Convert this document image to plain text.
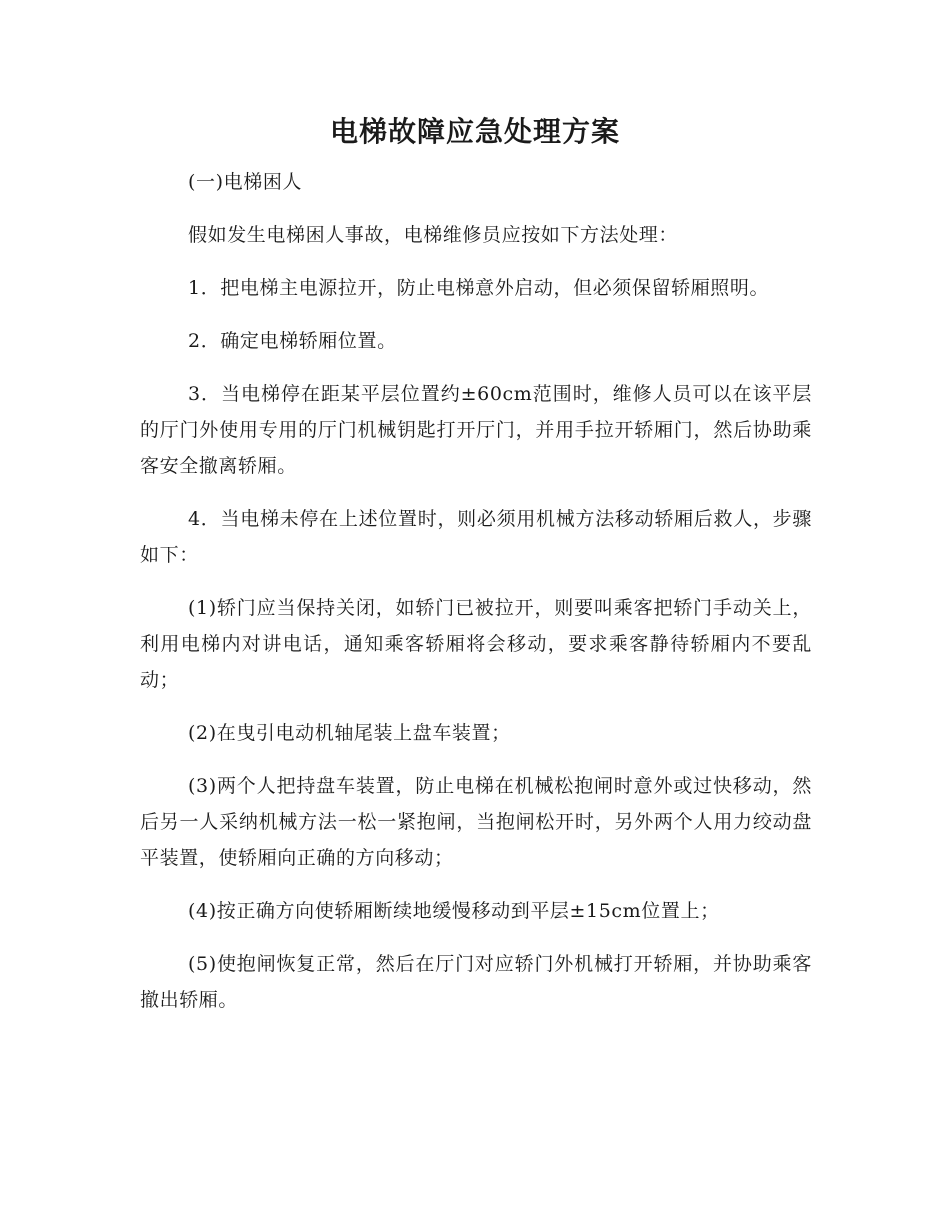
电梯故障应急处理方案

(一)电梯困人

假如发生电梯困人事故，电梯维修员应按如下方法处理：

1．把电梯主电源拉开，防止电梯意外启动，但必须保留轿厢照明。

2．确定电梯轿厢位置。

3．当电梯停在距某平层位置约±60cm范围时，维修人员可以在该平层的厅门外使用专用的厅门机械钥匙打开厅门，并用手拉开轿厢门，然后协助乘客安全撤离轿厢。

4．当电梯未停在上述位置时，则必须用机械方法移动轿厢后救人，步骤如下：

(1)轿门应当保持关闭，如轿门已被拉开，则要叫乘客把轿门手动关上，利用电梯内对讲电话，通知乘客轿厢将会移动，要求乘客静待轿厢内不要乱动；

(2)在曳引电动机轴尾装上盘车装置；

(3)两个人把持盘车装置，防止电梯在机械松抱闸时意外或过快移动，然后另一人采纳机械方法一松一紧抱闸，当抱闸松开时，另外两个人用力绞动盘平装置，使轿厢向正确的方向移动；

(4)按正确方向使轿厢断续地缓慢移动到平层±15cm位置上；

(5)使抱闸恢复正常，然后在厅门对应轿门外机械打开轿厢，并协助乘客撤出轿厢。
